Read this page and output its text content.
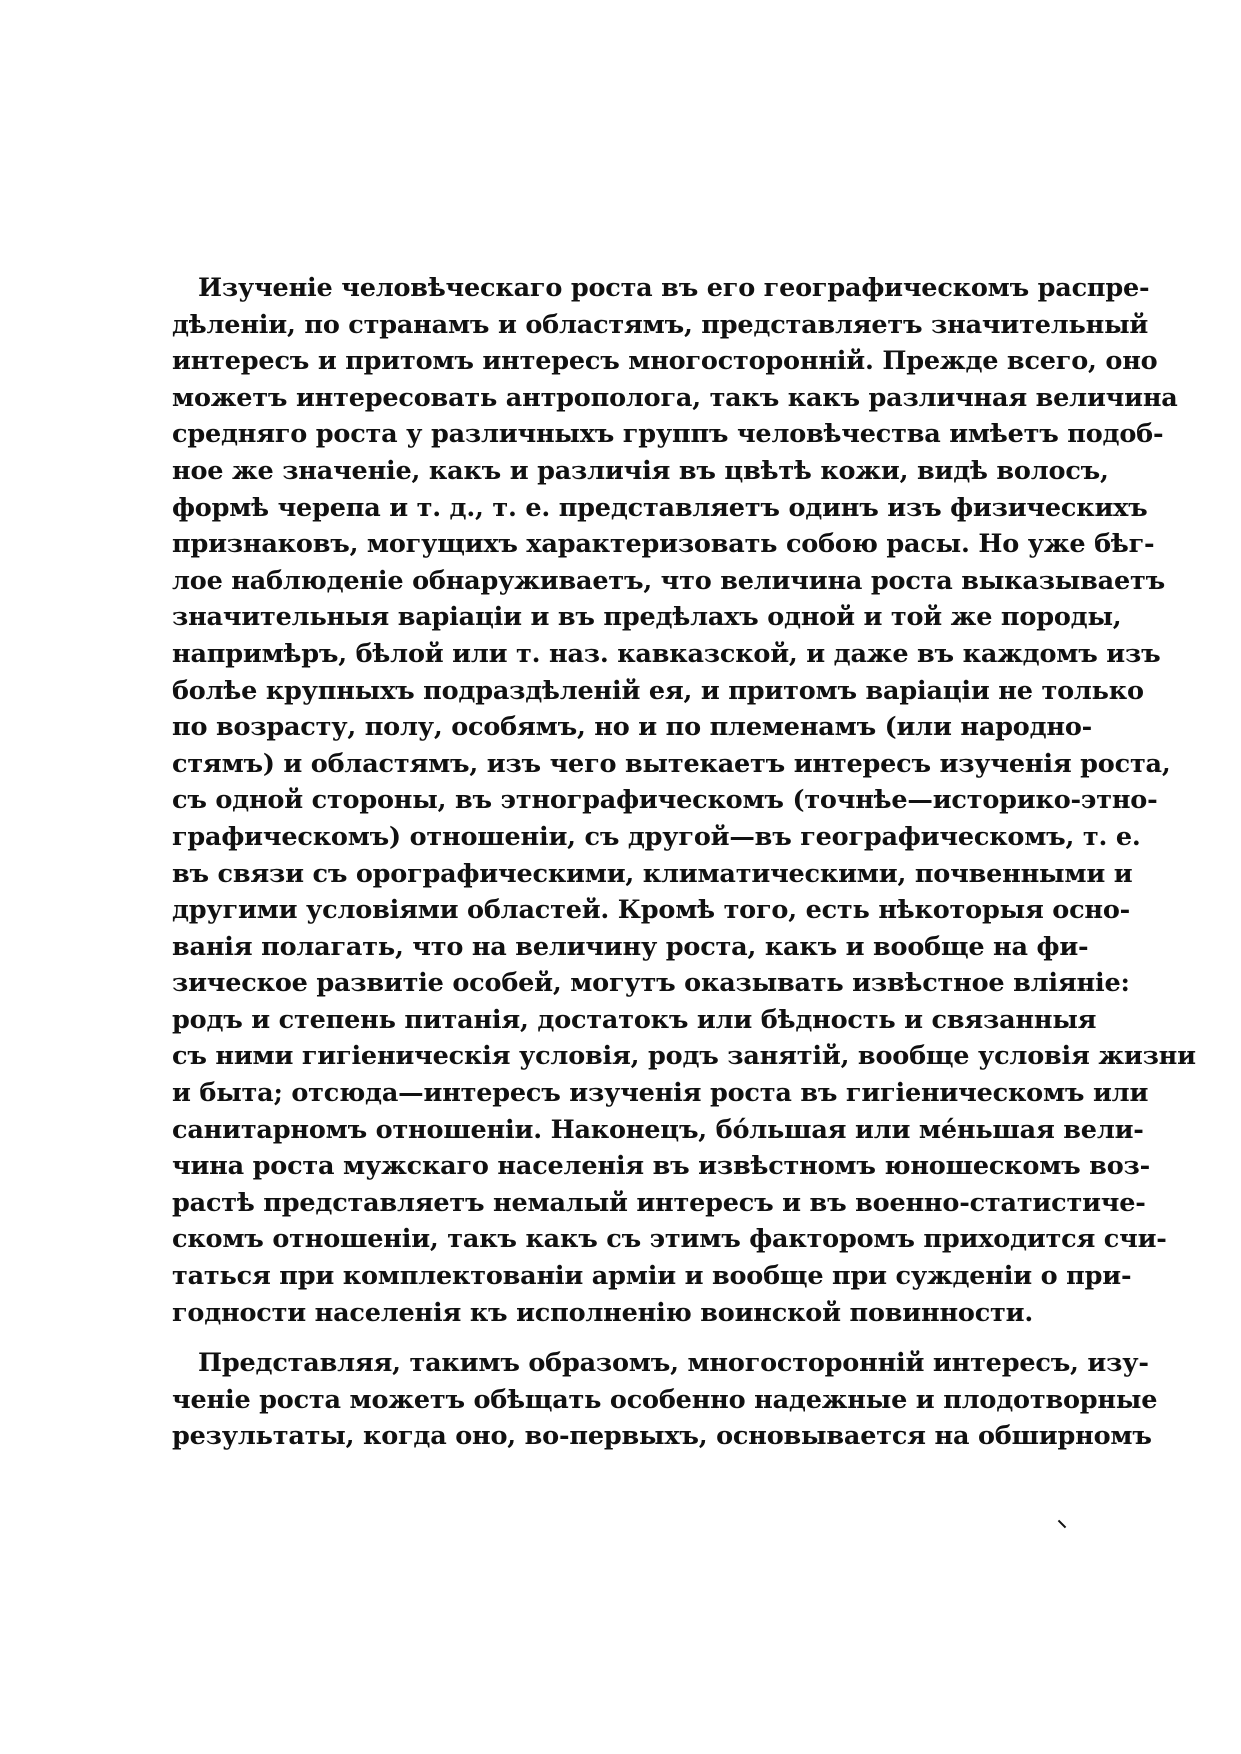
Изученіе человѣческаго роста въ его географическомъ распре-
дѣленіи, по странамъ и областямъ, представляетъ значительный
интересъ и притомъ интересъ многосторонній. Прежде всего, оно
можетъ интересовать антрополога, такъ какъ различная величина
средняго роста у различныхъ группъ человѣчества имѣетъ подоб-
ное же значеніе, какъ и различія въ цвѣтѣ кожи, видѣ волосъ,
формѣ черепа и т. д., т. е. представляетъ одинъ изъ физическихъ
признаковъ, могущихъ характеризовать собою расы. Но уже бѣг-
лое наблюденіе обнаруживаетъ, что величина роста выказываетъ
значительныя варіаціи и въ предѣлахъ одной и той же породы,
напримѣръ, бѣлой или т. наз. кавказской, и даже въ каждомъ изъ
болѣе крупныхъ подраздѣленій ея, и притомъ варіаціи не только
по возрасту, полу, особямъ, но и по племенамъ (или народно-
стямъ) и областямъ, изъ чего вытекаетъ интересъ изученія роста,
съ одной стороны, въ этнографическомъ (точнѣе—историко-этно-
графическомъ) отношеніи, съ другой—въ географическомъ, т. е.
въ связи съ орографическими, климатическими, почвенными и
другими условіями областей. Кромѣ того, есть нѣкоторыя осно-
ванія полагать, что на величину роста, какъ и вообще на фи-
зическое развитіе особей, могутъ оказывать извѣстное вліяніе:
родъ и степень питанія, достатокъ или бѣдность и связанныя
съ ними гигіеническія условія, родъ занятій, вообще условія жизни
и быта; отсюда—интересъ изученія роста въ гигіеническомъ или
санитарномъ отношеніи. Наконецъ, бо́льшая или ме́ньшая вели-
чина роста мужскаго населенія въ извѣстномъ юношескомъ воз-
растѣ представляетъ немалый интересъ и въ военно-статистиче-
скомъ отношеніи, такъ какъ съ этимъ факторомъ приходится счи-
таться при комплектованіи арміи и вообще при сужденіи о при-
годности населенія къ исполненію воинской повинности.

Представляя, такимъ образомъ, многосторонній интересъ, изу-
ченіе роста можетъ обѣщать особенно надежные и плодотворные
результаты, когда оно, во-первыхъ, основывается на обширномъ
